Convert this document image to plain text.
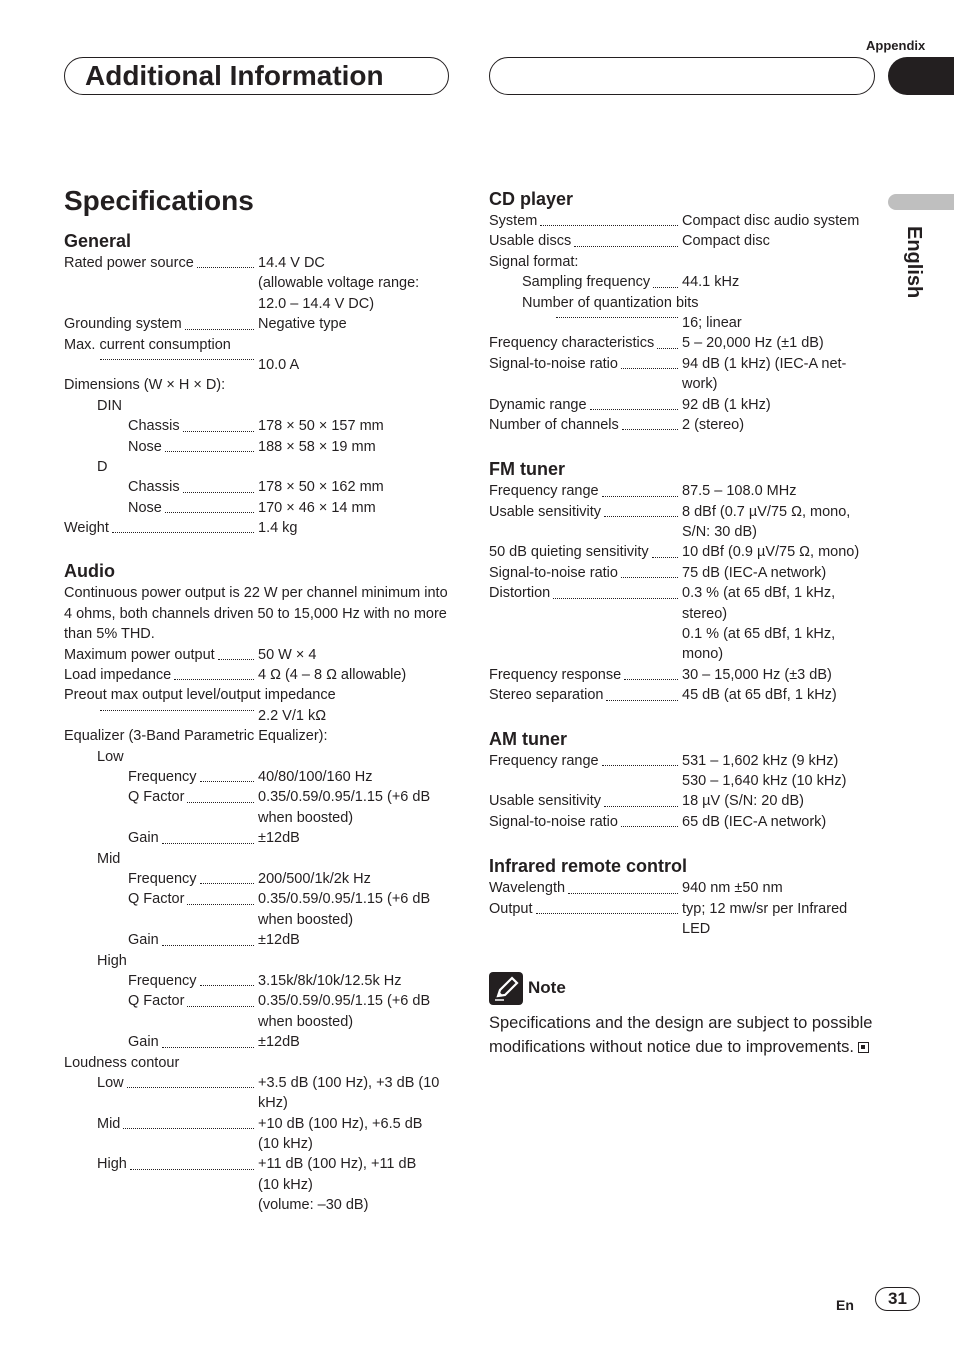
Appendix
Additional Information
English
Specifications
General
Rated power source	14.4 V DC
(allowable voltage range:
12.0 – 14.4 V DC)
Grounding system	Negative type
Max. current consumption
10.0 A
Dimensions (W × H × D):
DIN
Chassis	178 × 50 × 157 mm
Nose	188 × 58 × 19 mm
D
Chassis	178 × 50 × 162 mm
Nose	170 × 46 × 14 mm
Weight	1.4 kg
Audio
Continuous power output is 22 W per channel minimum into 4 ohms, both channels driven 50 to 15,000 Hz with no more than 5% THD.
Maximum power output	50 W × 4
Load impedance	4 Ω (4 – 8 Ω allowable)
Preout max output level/output impedance
2.2 V/1 kΩ
Equalizer (3-Band Parametric Equalizer):
Low
Frequency	40/80/100/160 Hz
Q Factor	0.35/0.59/0.95/1.15 (+6 dB
when boosted)
Gain	±12dB
Mid
Frequency	200/500/1k/2k Hz
Q Factor	0.35/0.59/0.95/1.15 (+6 dB
when boosted)
Gain	±12dB
High
Frequency	3.15k/8k/10k/12.5k Hz
Q Factor	0.35/0.59/0.95/1.15 (+6 dB
when boosted)
Gain	±12dB
Loudness contour
Low	+3.5 dB (100 Hz), +3 dB (10
kHz)
Mid	+10 dB (100 Hz), +6.5 dB
(10 kHz)
High	+11 dB (100 Hz), +11 dB
(10 kHz)
(volume: –30 dB)
CD player
System	Compact disc audio system
Usable discs	Compact disc
Signal format:
Sampling frequency 44.1 kHz
Number of quantization bits
16; linear
Frequency characteristics 5 – 20,000 Hz (±1 dB)
Signal-to-noise ratio	94 dB (1 kHz) (IEC-A net-
work)
Dynamic range	92 dB (1 kHz)
Number of channels	2 (stereo)
FM tuner
Frequency range	87.5 – 108.0 MHz
Usable sensitivity	8 dBf (0.7 µV/75 Ω, mono,
S/N: 30 dB)
50 dB quieting sensitivity 10 dBf (0.9 µV/75 Ω, mono)
Signal-to-noise ratio	75 dB (IEC-A network)
Distortion	0.3 % (at 65 dBf, 1 kHz,
stereo)
0.1 % (at 65 dBf, 1 kHz,
mono)
Frequency response	30 – 15,000 Hz (±3 dB)
Stereo separation	45 dB (at 65 dBf, 1 kHz)
AM tuner
Frequency range	531 – 1,602 kHz (9 kHz)
530 – 1,640 kHz (10 kHz)
Usable sensitivity	18 µV (S/N: 20 dB)
Signal-to-noise ratio	65 dB (IEC-A network)
Infrared remote control
Wavelength	940 nm ±50 nm
Output	typ; 12 mw/sr per Infrared
LED
Note
Specifications and the design are subject to possible modifications without notice due to improvements.
En	31
